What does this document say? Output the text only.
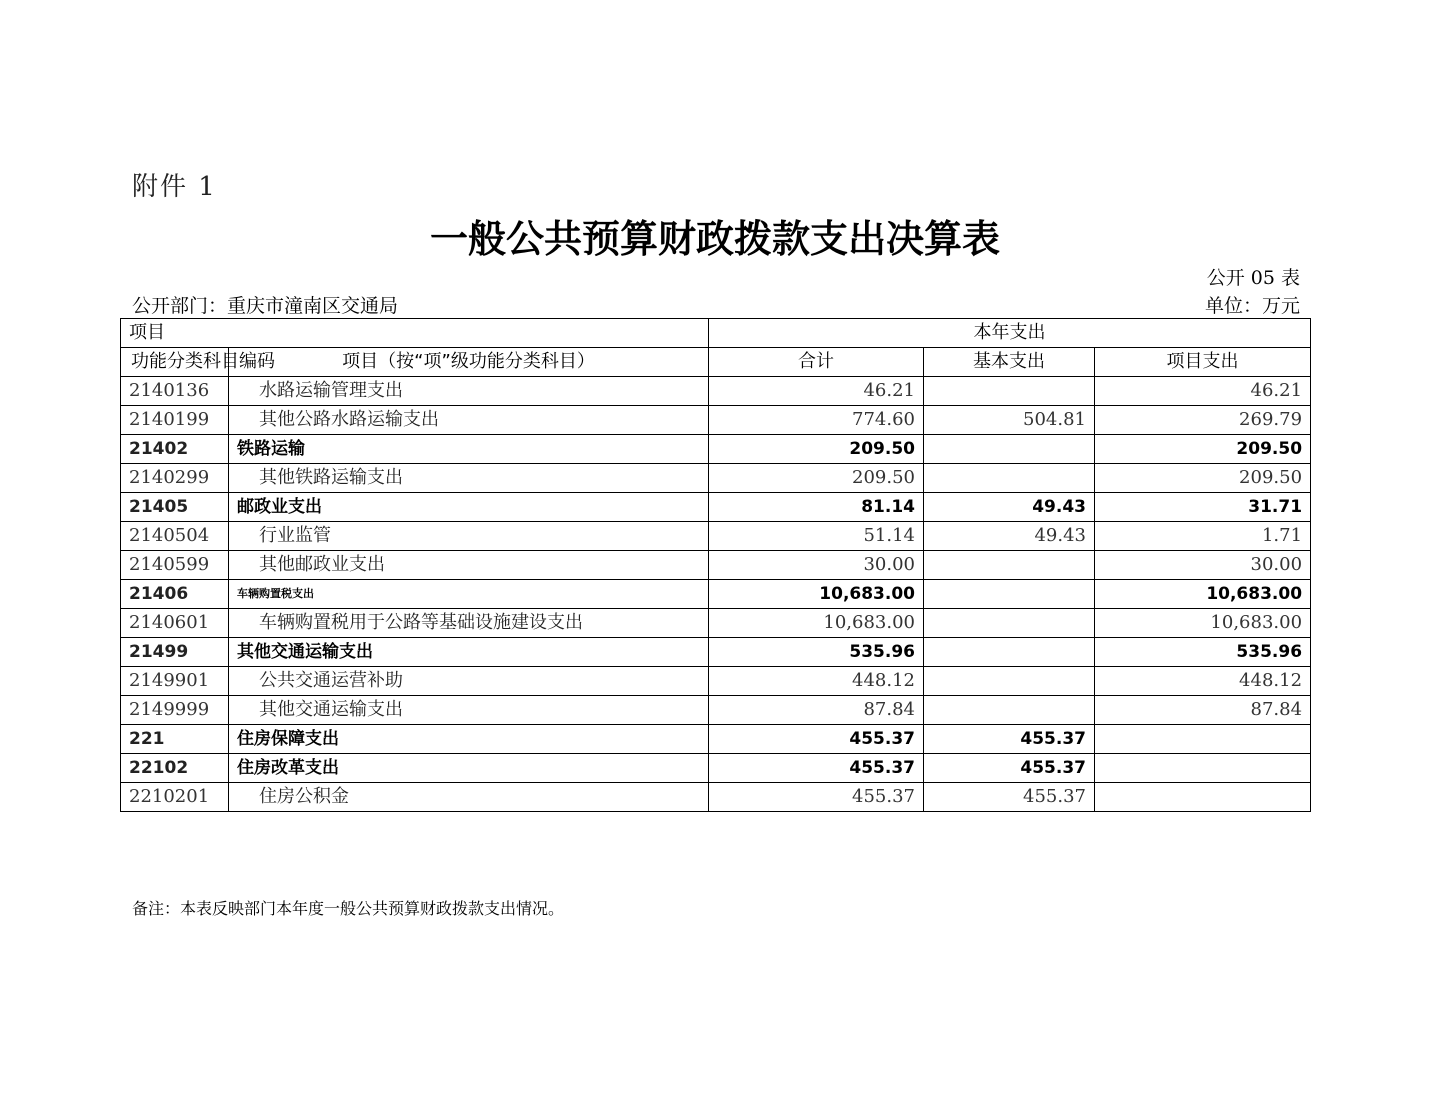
附件 1
一般公共预算财政拨款支出决算表
公开 05 表
公开部门：重庆市潼南区交通局	单位：万元
项目		本年支出		
功能分类科目编码	项目（按“项”级功能分类科目）	合计	基本支出	项目支出
2140136	水路运输管理支出	46.21		46.21
2140199	其他公路水路运输支出	774.60	504.81	269.79
21402	铁路运输	209.50		209.50
2140299	其他铁路运输支出	209.50		209.50
21405	邮政业支出	81.14	49.43	31.71
2140504	行业监管	51.14	49.43	1.71
2140599	其他邮政业支出	30.00		30.00
21406	车辆购置税支出	10,683.00		10,683.00
2140601	车辆购置税用于公路等基础设施建设支出	10,683.00		10,683.00
21499	其他交通运输支出	535.96		535.96
2149901	公共交通运营补助	448.12		448.12
2149999	其他交通运输支出	87.84		87.84
221	住房保障支出	455.37	455.37	
22102	住房改革支出	455.37	455.37	
2210201	住房公积金	455.37	455.37	
备注：本表反映部门本年度一般公共预算财政拨款支出情况。
